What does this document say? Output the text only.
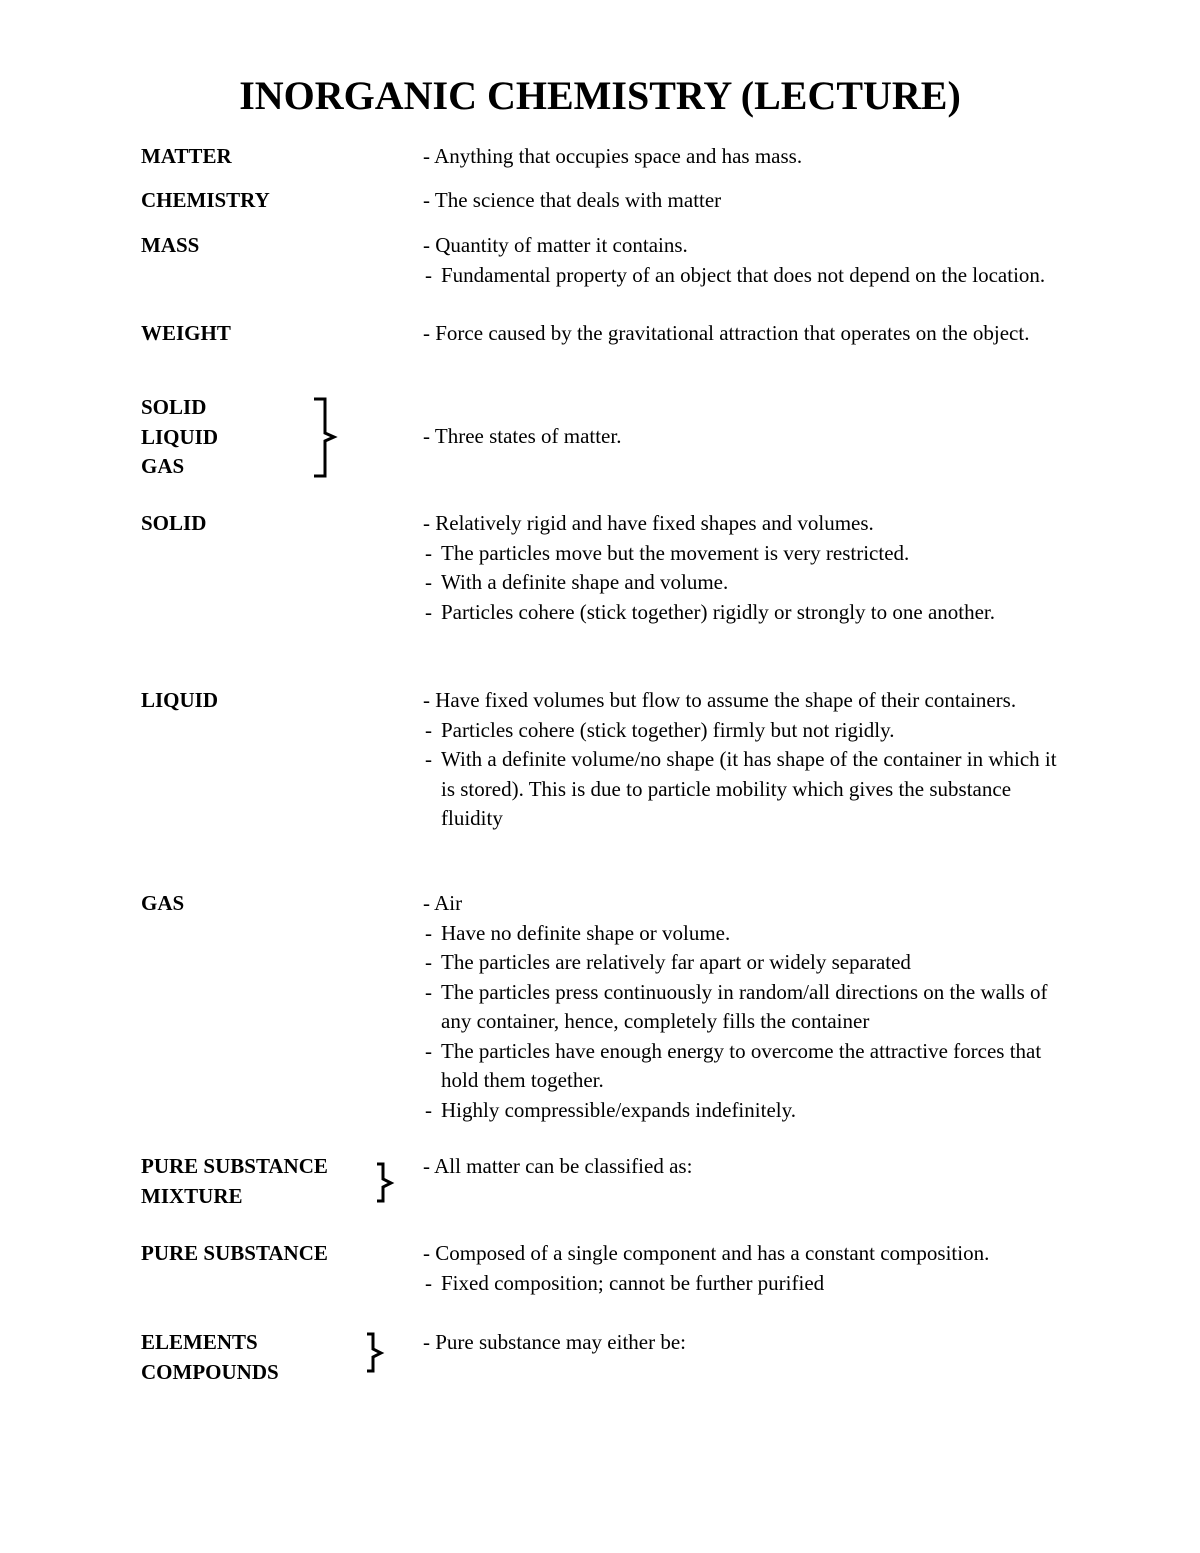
INORGANIC CHEMISTRY (LECTURE)
MATTER	- Anything that occupies space and has mass.
CHEMISTRY	- The science that deals with matter
MASS	- Quantity of matter it contains.
- Fundamental property of an object that does not depend on the location.
WEIGHT	- Force caused by the gravitational attraction that operates on the object.
SOLID
LIQUID
GAS
- Three states of matter.
SOLID	- Relatively rigid and have fixed shapes and volumes.
- The particles move but the movement is very restricted.
- With a definite shape and volume.
- Particles cohere (stick together) rigidly or strongly to one another.
LIQUID	- Have fixed volumes but flow to assume the shape of their containers.
- Particles cohere (stick together) firmly but not rigidly.
- With a definite volume/no shape (it has shape of the container in which it is stored). This is due to particle mobility which gives the substance fluidity
GAS	- Air
- Have no definite shape or volume.
- The particles are relatively far apart or widely separated
- The particles press continuously in random/all directions on the walls of any container, hence, completely fills the container
- The particles have enough energy to overcome the attractive forces that hold them together.
- Highly compressible/expands indefinitely.
PURE SUBSTANCE
MIXTURE
- All matter can be classified as:
PURE SUBSTANCE	- Composed of a single component and has a constant composition.
- Fixed composition; cannot be further purified
ELEMENTS
COMPOUNDS
- Pure substance may either be:
